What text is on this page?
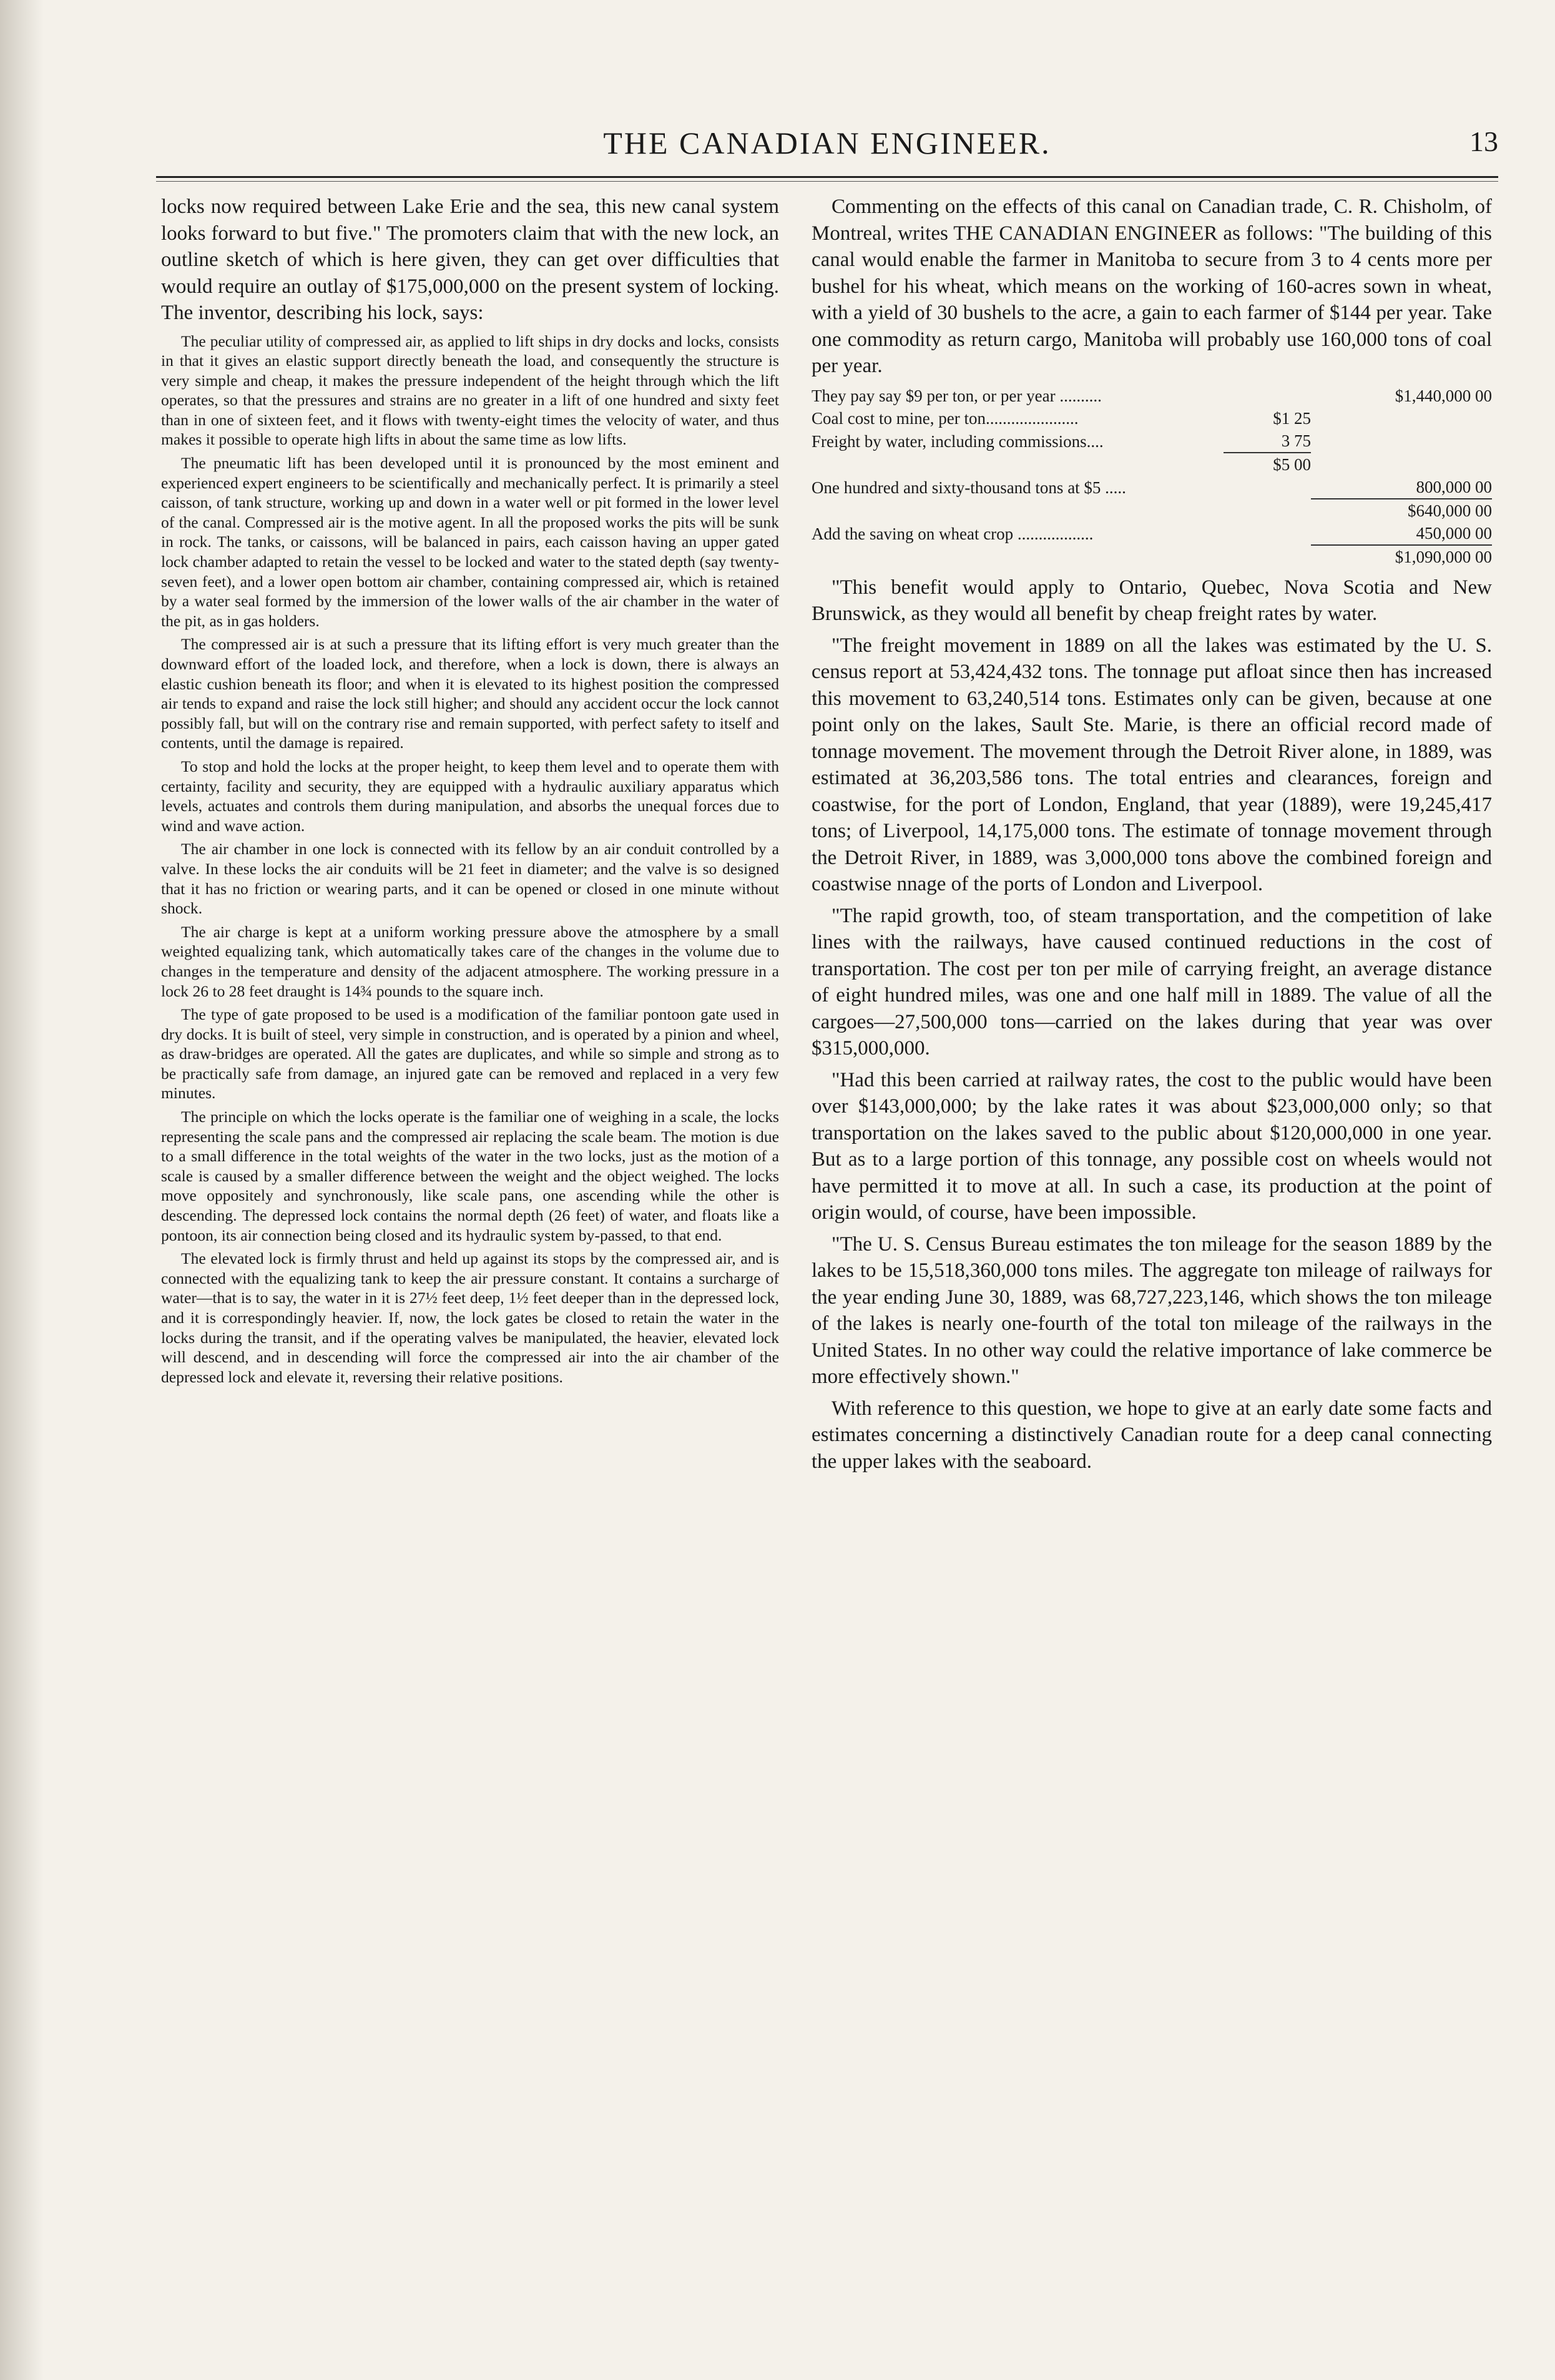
THE CANADIAN ENGINEER.	13

locks now required between Lake Erie and the sea, this new canal system looks forward to but five." The promoters claim that with the new lock, an outline sketch of which is here given, they can get over difficulties that would require an outlay of $175,000,000 on the present system of locking. The inventor, describing his lock, says:

The peculiar utility of compressed air, as applied to lift ships in dry docks and locks, consists in that it gives an elastic support directly beneath the load, and consequently the structure is very simple and cheap, it makes the pressure independent of the height through which the lift operates, so that the pressures and strains are no greater in a lift of one hundred and sixty feet than in one of sixteen feet, and it flows with twenty-eight times the velocity of water, and thus makes it possible to operate high lifts in about the same time as low lifts.

The pneumatic lift has been developed until it is pronounced by the most eminent and experienced expert engineers to be scientifically and mechanically perfect. It is primarily a steel caisson, of tank structure, working up and down in a water well or pit formed in the lower level of the canal. Compressed air is the motive agent. In all the proposed works the pits will be sunk in rock. The tanks, or caissons, will be balanced in pairs, each caisson having an upper gated lock chamber adapted to retain the vessel to be locked and water to the stated depth (say twenty-seven feet), and a lower open bottom air chamber, containing compressed air, which is retained by a water seal formed by the immersion of the lower walls of the air chamber in the water of the pit, as in gas holders.

The compressed air is at such a pressure that its lifting effort is very much greater than the downward effort of the loaded lock, and therefore, when a lock is down, there is always an elastic cushion beneath its floor; and when it is elevated to its highest position the compressed air tends to expand and raise the lock still higher; and should any accident occur the lock cannot possibly fall, but will on the contrary rise and remain supported, with perfect safety to itself and contents, until the damage is repaired.

To stop and hold the locks at the proper height, to keep them level and to operate them with certainty, facility and security, they are equipped with a hydraulic auxiliary apparatus which levels, actuates and controls them during manipulation, and absorbs the unequal forces due to wind and wave action.

The air chamber in one lock is connected with its fellow by an air conduit controlled by a valve. In these locks the air conduits will be 21 feet in diameter; and the valve is so designed that it has no friction or wearing parts, and it can be opened or closed in one minute without shock.

The air charge is kept at a uniform working pressure above the atmosphere by a small weighted equalizing tank, which automatically takes care of the changes in the volume due to changes in the temperature and density of the adjacent atmosphere. The working pressure in a lock 26 to 28 feet draught is 14¾ pounds to the square inch.

The type of gate proposed to be used is a modification of the familiar pontoon gate used in dry docks. It is built of steel, very simple in construction, and is operated by a pinion and wheel, as draw-bridges are operated. All the gates are duplicates, and while so simple and strong as to be practically safe from damage, an injured gate can be removed and replaced in a very few minutes.

The principle on which the locks operate is the familiar one of weighing in a scale, the locks representing the scale pans and the compressed air replacing the scale beam. The motion is due to a small difference in the total weights of the water in the two locks, just as the motion of a scale is caused by a smaller difference between the weight and the object weighed. The locks move oppositely and synchronously, like scale pans, one ascending while the other is descending. The depressed lock contains the normal depth (26 feet) of water, and floats like a pontoon, its air connection being closed and its hydraulic system by-passed, to that end.

The elevated lock is firmly thrust and held up against its stops by the compressed air, and is connected with the equalizing tank to keep the air pressure constant. It contains a surcharge of water—that is to say, the water in it is 27½ feet deep, 1½ feet deeper than in the depressed lock, and it is correspondingly heavier. If, now, the lock gates be closed to retain the water in the locks during the transit, and if the operating valves be manipulated, the heavier, elevated lock will descend, and in descending will force the compressed air into the air chamber of the depressed lock and elevate it, reversing their relative positions.

Commenting on the effects of this canal on Canadian trade, C. R. Chisholm, of Montreal, writes THE CANADIAN ENGINEER as follows: "The building of this canal would enable the farmer in Manitoba to secure from 3 to 4 cents more per bushel for his wheat, which means on the working of 160-acres sown in wheat, with a yield of 30 bushels to the acre, a gain to each farmer of $144 per year. Take one commodity as return cargo, Manitoba will probably use 160,000 tons of coal per year.

They pay say $9 per ton, or per year ..........		$1,440,000 00
Coal cost to mine, per ton......................	$1 25	
Freight by water, including commissions....	3 75	
	$5 00	
One hundred and sixty-thousand tons at $5 .....		800,000 00
		$640,000 00
Add the saving on wheat crop ..................		450,000 00
		$1,090,000 00

"This benefit would apply to Ontario, Quebec, Nova Scotia and New Brunswick, as they would all benefit by cheap freight rates by water.

"The freight movement in 1889 on all the lakes was estimated by the U. S. census report at 53,424,432 tons. The tonnage put afloat since then has increased this movement to 63,240,514 tons. Estimates only can be given, because at one point only on the lakes, Sault Ste. Marie, is there an official record made of tonnage movement. The movement through the Detroit River alone, in 1889, was estimated at 36,203,586 tons. The total entries and clearances, foreign and coastwise, for the port of London, England, that year (1889), were 19,245,417 tons; of Liverpool, 14,175,000 tons. The estimate of tonnage movement through the Detroit River, in 1889, was 3,000,000 tons above the combined foreign and coastwise nnage of the ports of London and Liverpool.

"The rapid growth, too, of steam transportation, and the competition of lake lines with the railways, have caused continued reductions in the cost of transportation. The cost per ton per mile of carrying freight, an average distance of eight hundred miles, was one and one half mill in 1889. The value of all the cargoes—27,500,000 tons—carried on the lakes during that year was over $315,000,000.

"Had this been carried at railway rates, the cost to the public would have been over $143,000,000; by the lake rates it was about $23,000,000 only; so that transportation on the lakes saved to the public about $120,000,000 in one year. But as to a large portion of this tonnage, any possible cost on wheels would not have permitted it to move at all. In such a case, its production at the point of origin would, of course, have been impossible.

"The U. S. Census Bureau estimates the ton mileage for the season 1889 by the lakes to be 15,518,360,000 tons miles. The aggregate ton mileage of railways for the year ending June 30, 1889, was 68,727,223,146, which shows the ton mileage of the lakes is nearly one-fourth of the total ton mileage of the railways in the United States. In no other way could the relative importance of lake commerce be more effectively shown."

With reference to this question, we hope to give at an early date some facts and estimates concerning a distinctively Canadian route for a deep canal connecting the upper lakes with the seaboard.
